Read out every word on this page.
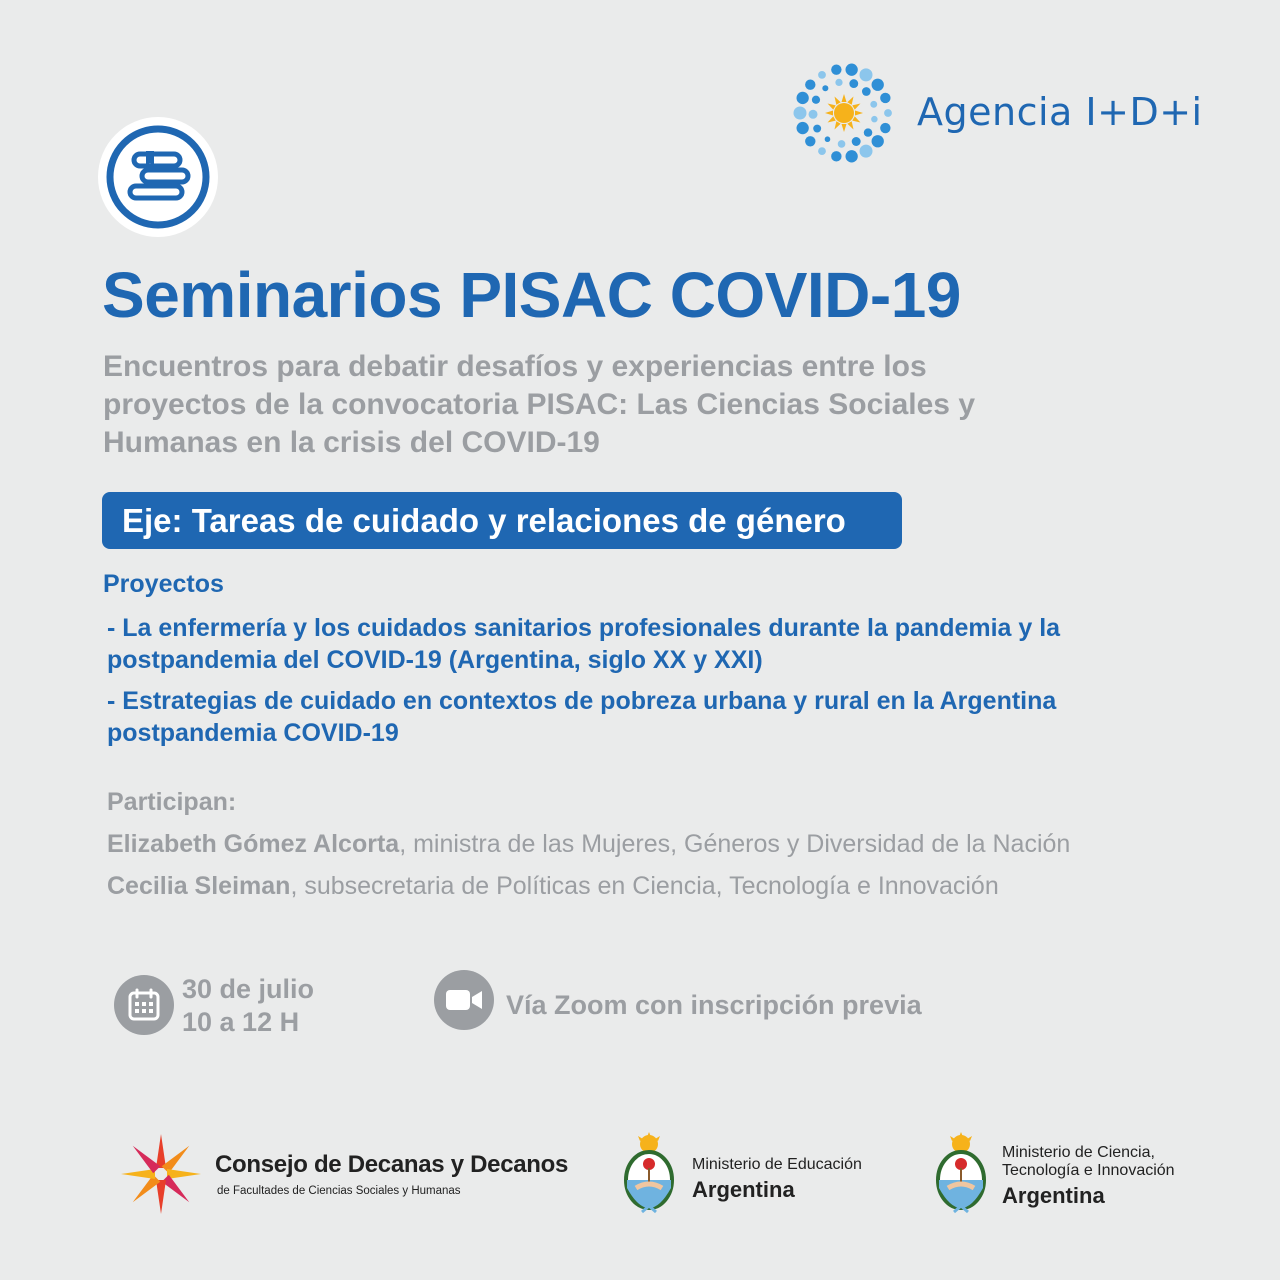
Agencia I+D+i
Seminarios PISAC COVID-19
Encuentros para debatir desafíos y experiencias entre los proyectos de la convocatoria PISAC: Las Ciencias Sociales y Humanas en la crisis del COVID-19
Eje: Tareas de cuidado y relaciones de género
Proyectos
- La enfermería y los cuidados sanitarios profesionales durante la pandemia y la postpandemia del COVID-19 (Argentina, siglo XX y XXI)
- Estrategias de cuidado en contextos de pobreza urbana y rural en la Argentina postpandemia COVID-19
Participan:
Elizabeth Gómez Alcorta, ministra de las Mujeres, Géneros y Diversidad de la Nación
Cecilia Sleiman, subsecretaria de Políticas en Ciencia, Tecnología e Innovación
30 de julio
10 a 12 H
Vía Zoom con inscripción previa
Consejo de Decanas y Decanos
de Facultades de Ciencias Sociales y Humanas
Ministerio de Educación
Argentina
Ministerio de Ciencia,
Tecnología e Innovación
Argentina
